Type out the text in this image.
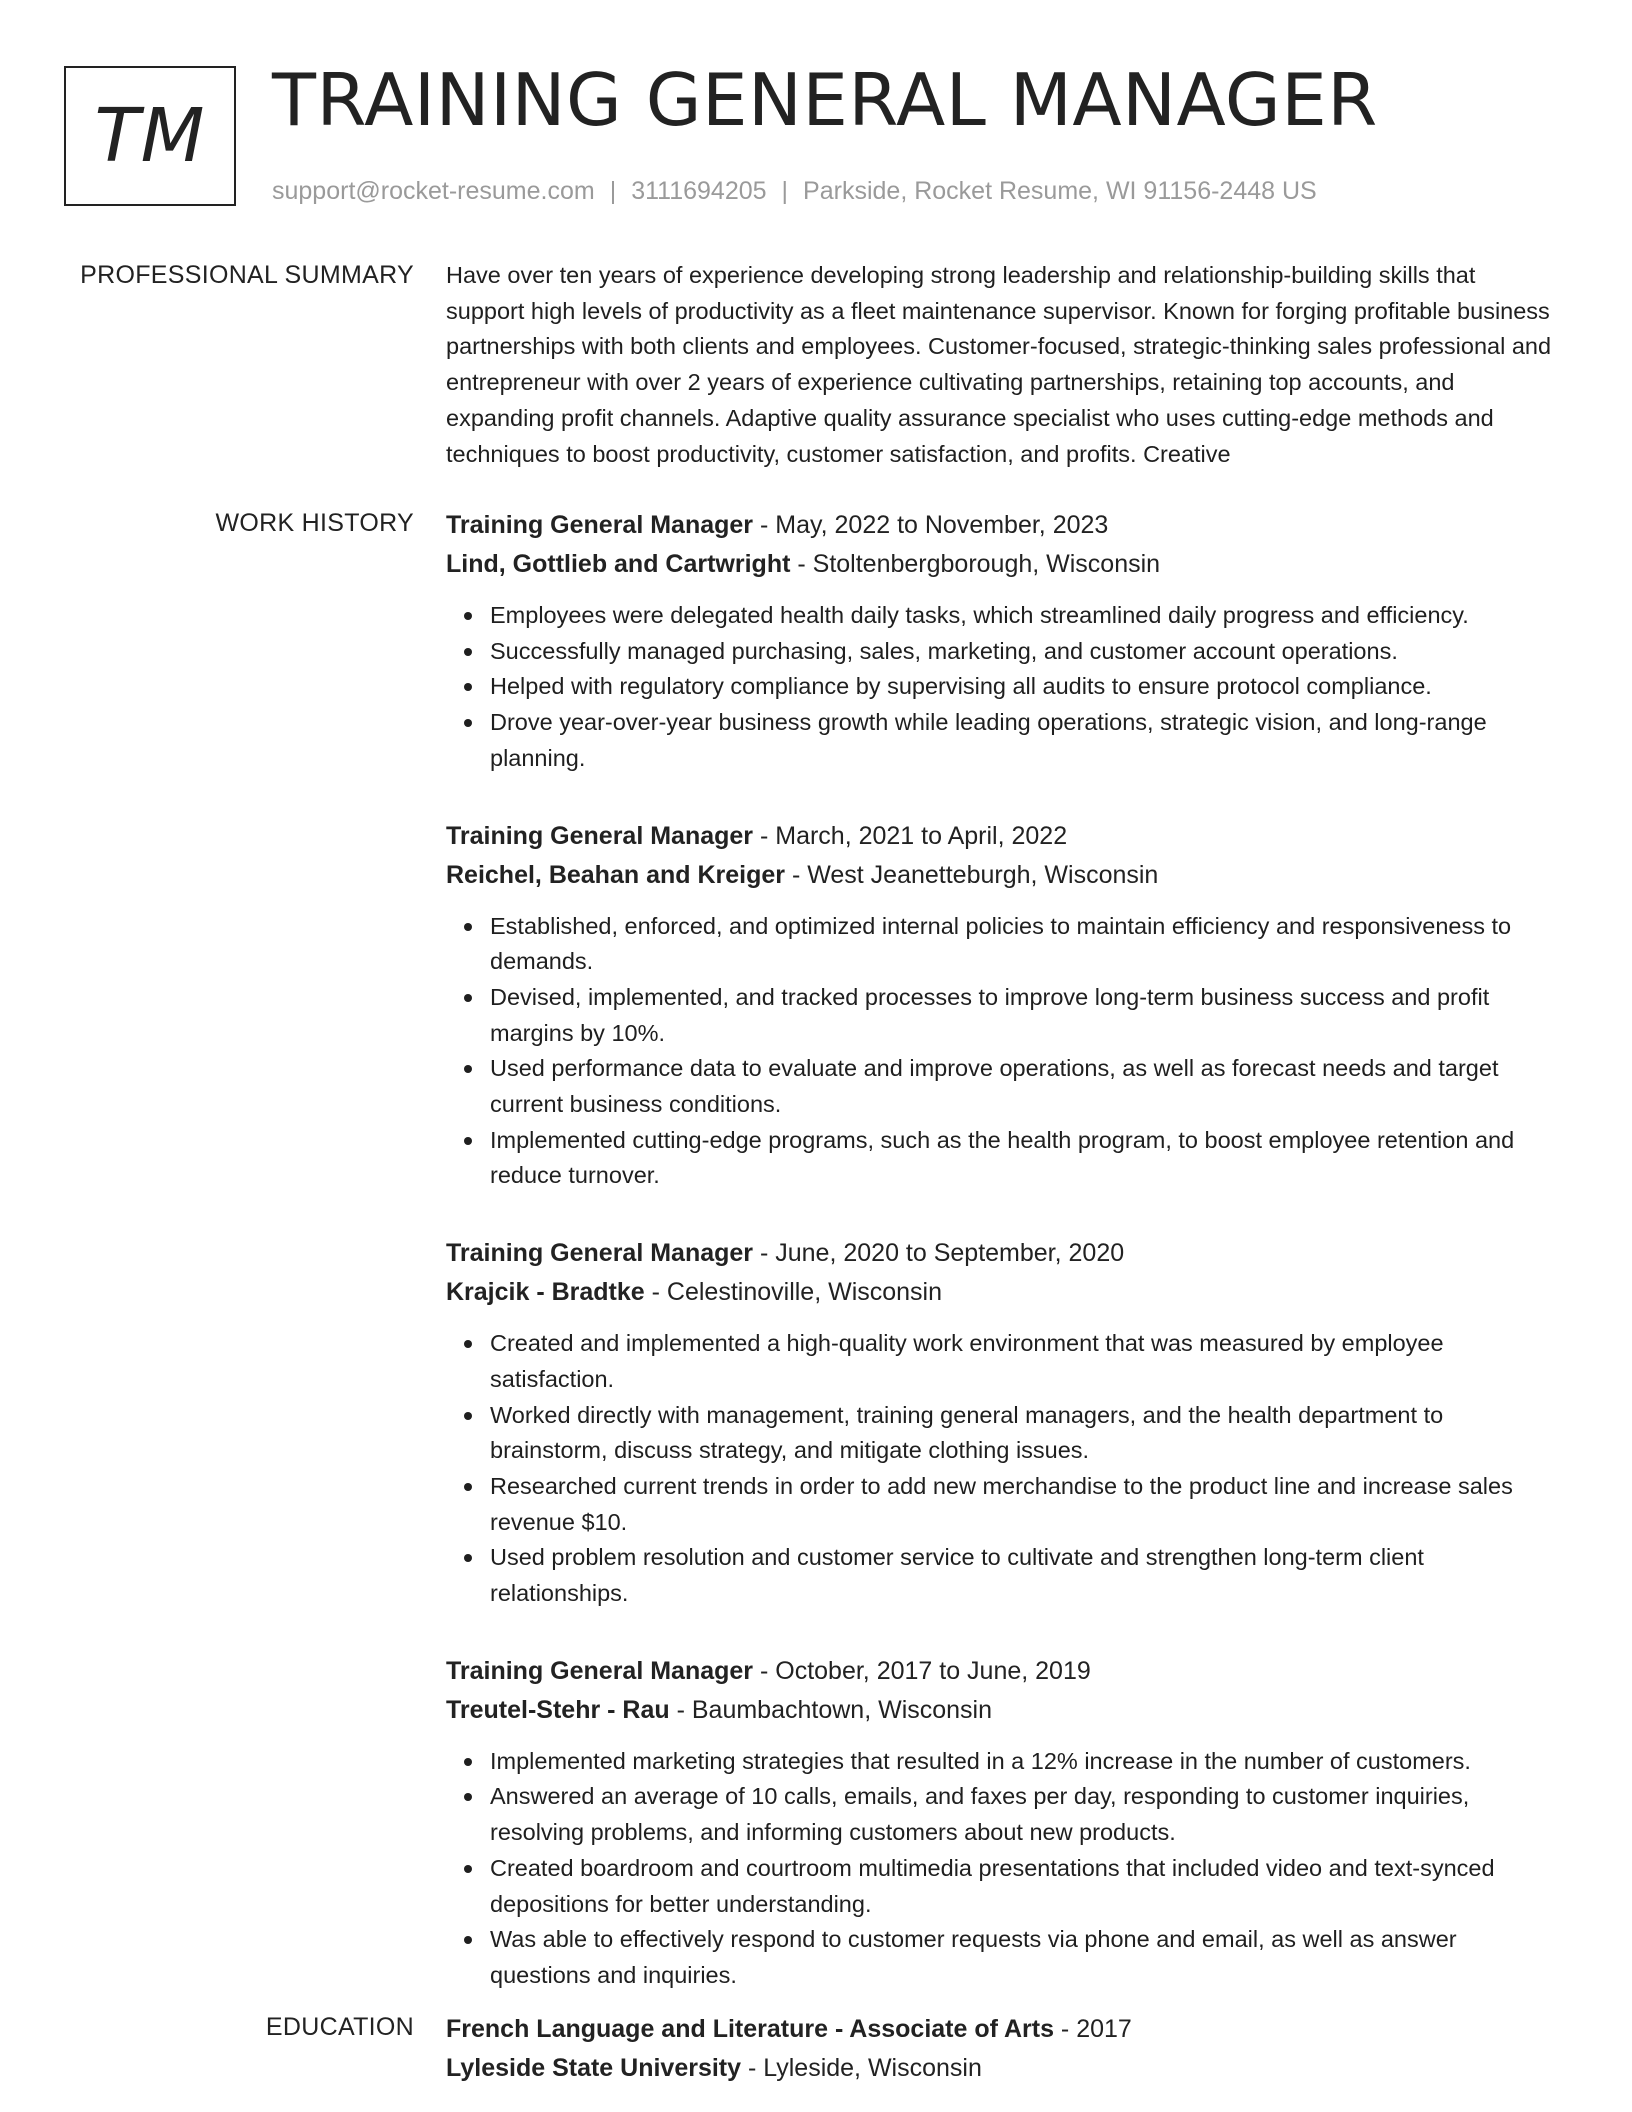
TM TRAINING GENERAL MANAGER
support@rocket-resume.com | 3111694205 | Parkside, Rocket Resume, WI 91156-2448 US
PROFESSIONAL SUMMARY Have over ten years of experience developing strong leadership and relationship-building skills that support high levels of productivity as a fleet maintenance supervisor. Known for forging profitable business partnerships with both clients and employees. Customer-focused, strategic-thinking sales professional and entrepreneur with over 2 years of experience cultivating partnerships, retaining top accounts, and expanding profit channels. Adaptive quality assurance specialist who uses cutting-edge methods and techniques to boost productivity, customer satisfaction, and profits. Creative

WORK HISTORY Training General Manager - May, 2022 to November, 2023
Lind, Gottlieb and Cartwright - Stoltenbergborough, Wisconsin
Employees were delegated health daily tasks, which streamlined daily progress and efficiency.
Successfully managed purchasing, sales, marketing, and customer account operations.
Helped with regulatory compliance by supervising all audits to ensure protocol compliance.
Drove year-over-year business growth while leading operations, strategic vision, and long-range planning.
Training General Manager - March, 2021 to April, 2022
Reichel, Beahan and Kreiger - West Jeanetteburgh, Wisconsin
Established, enforced, and optimized internal policies to maintain efficiency and responsiveness to demands.
Devised, implemented, and tracked processes to improve long-term business success and profit margins by 10%.
Used performance data to evaluate and improve operations, as well as forecast needs and target current business conditions.
Implemented cutting-edge programs, such as the health program, to boost employee retention and reduce turnover.
Training General Manager - June, 2020 to September, 2020
Krajcik - Bradtke - Celestinoville, Wisconsin
Created and implemented a high-quality work environment that was measured by employee satisfaction.
Worked directly with management, training general managers, and the health department to brainstorm, discuss strategy, and mitigate clothing issues.
Researched current trends in order to add new merchandise to the product line and increase sales revenue $10.
Used problem resolution and customer service to cultivate and strengthen long-term client relationships.
Training General Manager - October, 2017 to June, 2019
Treutel-Stehr - Rau - Baumbachtown, Wisconsin
Implemented marketing strategies that resulted in a 12% increase in the number of customers.
Answered an average of 10 calls, emails, and faxes per day, responding to customer inquiries, resolving problems, and informing customers about new products.
Created boardroom and courtroom multimedia presentations that included video and text-synced depositions for better understanding.
Was able to effectively respond to customer requests via phone and email, as well as answer questions and inquiries.
EDUCATION French Language and Literature - Associate of Arts - 2017
Lyleside State University - Lyleside, Wisconsin
